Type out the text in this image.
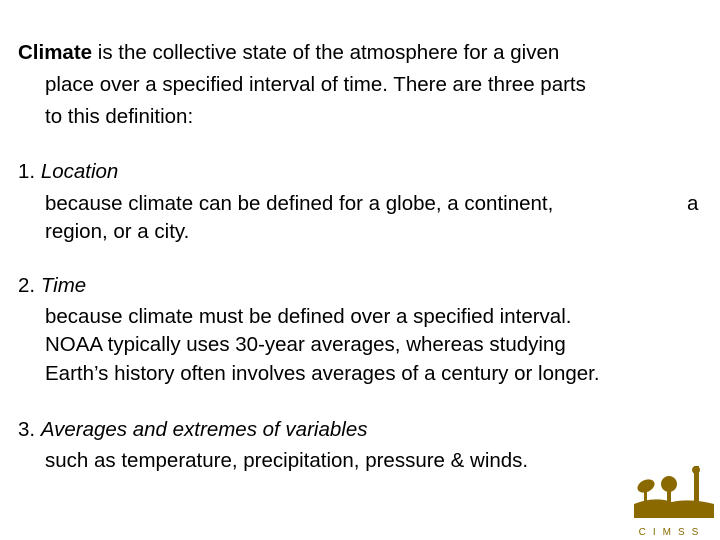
Climate is the collective state of the atmosphere for a given
place over a specified interval of time. There are three parts
to this definition:
1. Location
because climate can be defined for a globe, a continent,	a
region, or a city.
2. Time
because climate must be defined over a specified interval.
NOAA typically uses 30-year averages, whereas studying
Earth’s history often involves averages of a century or longer.
3. Averages and extremes of variables
such as temperature, precipitation, pressure & winds.
CIMSS
